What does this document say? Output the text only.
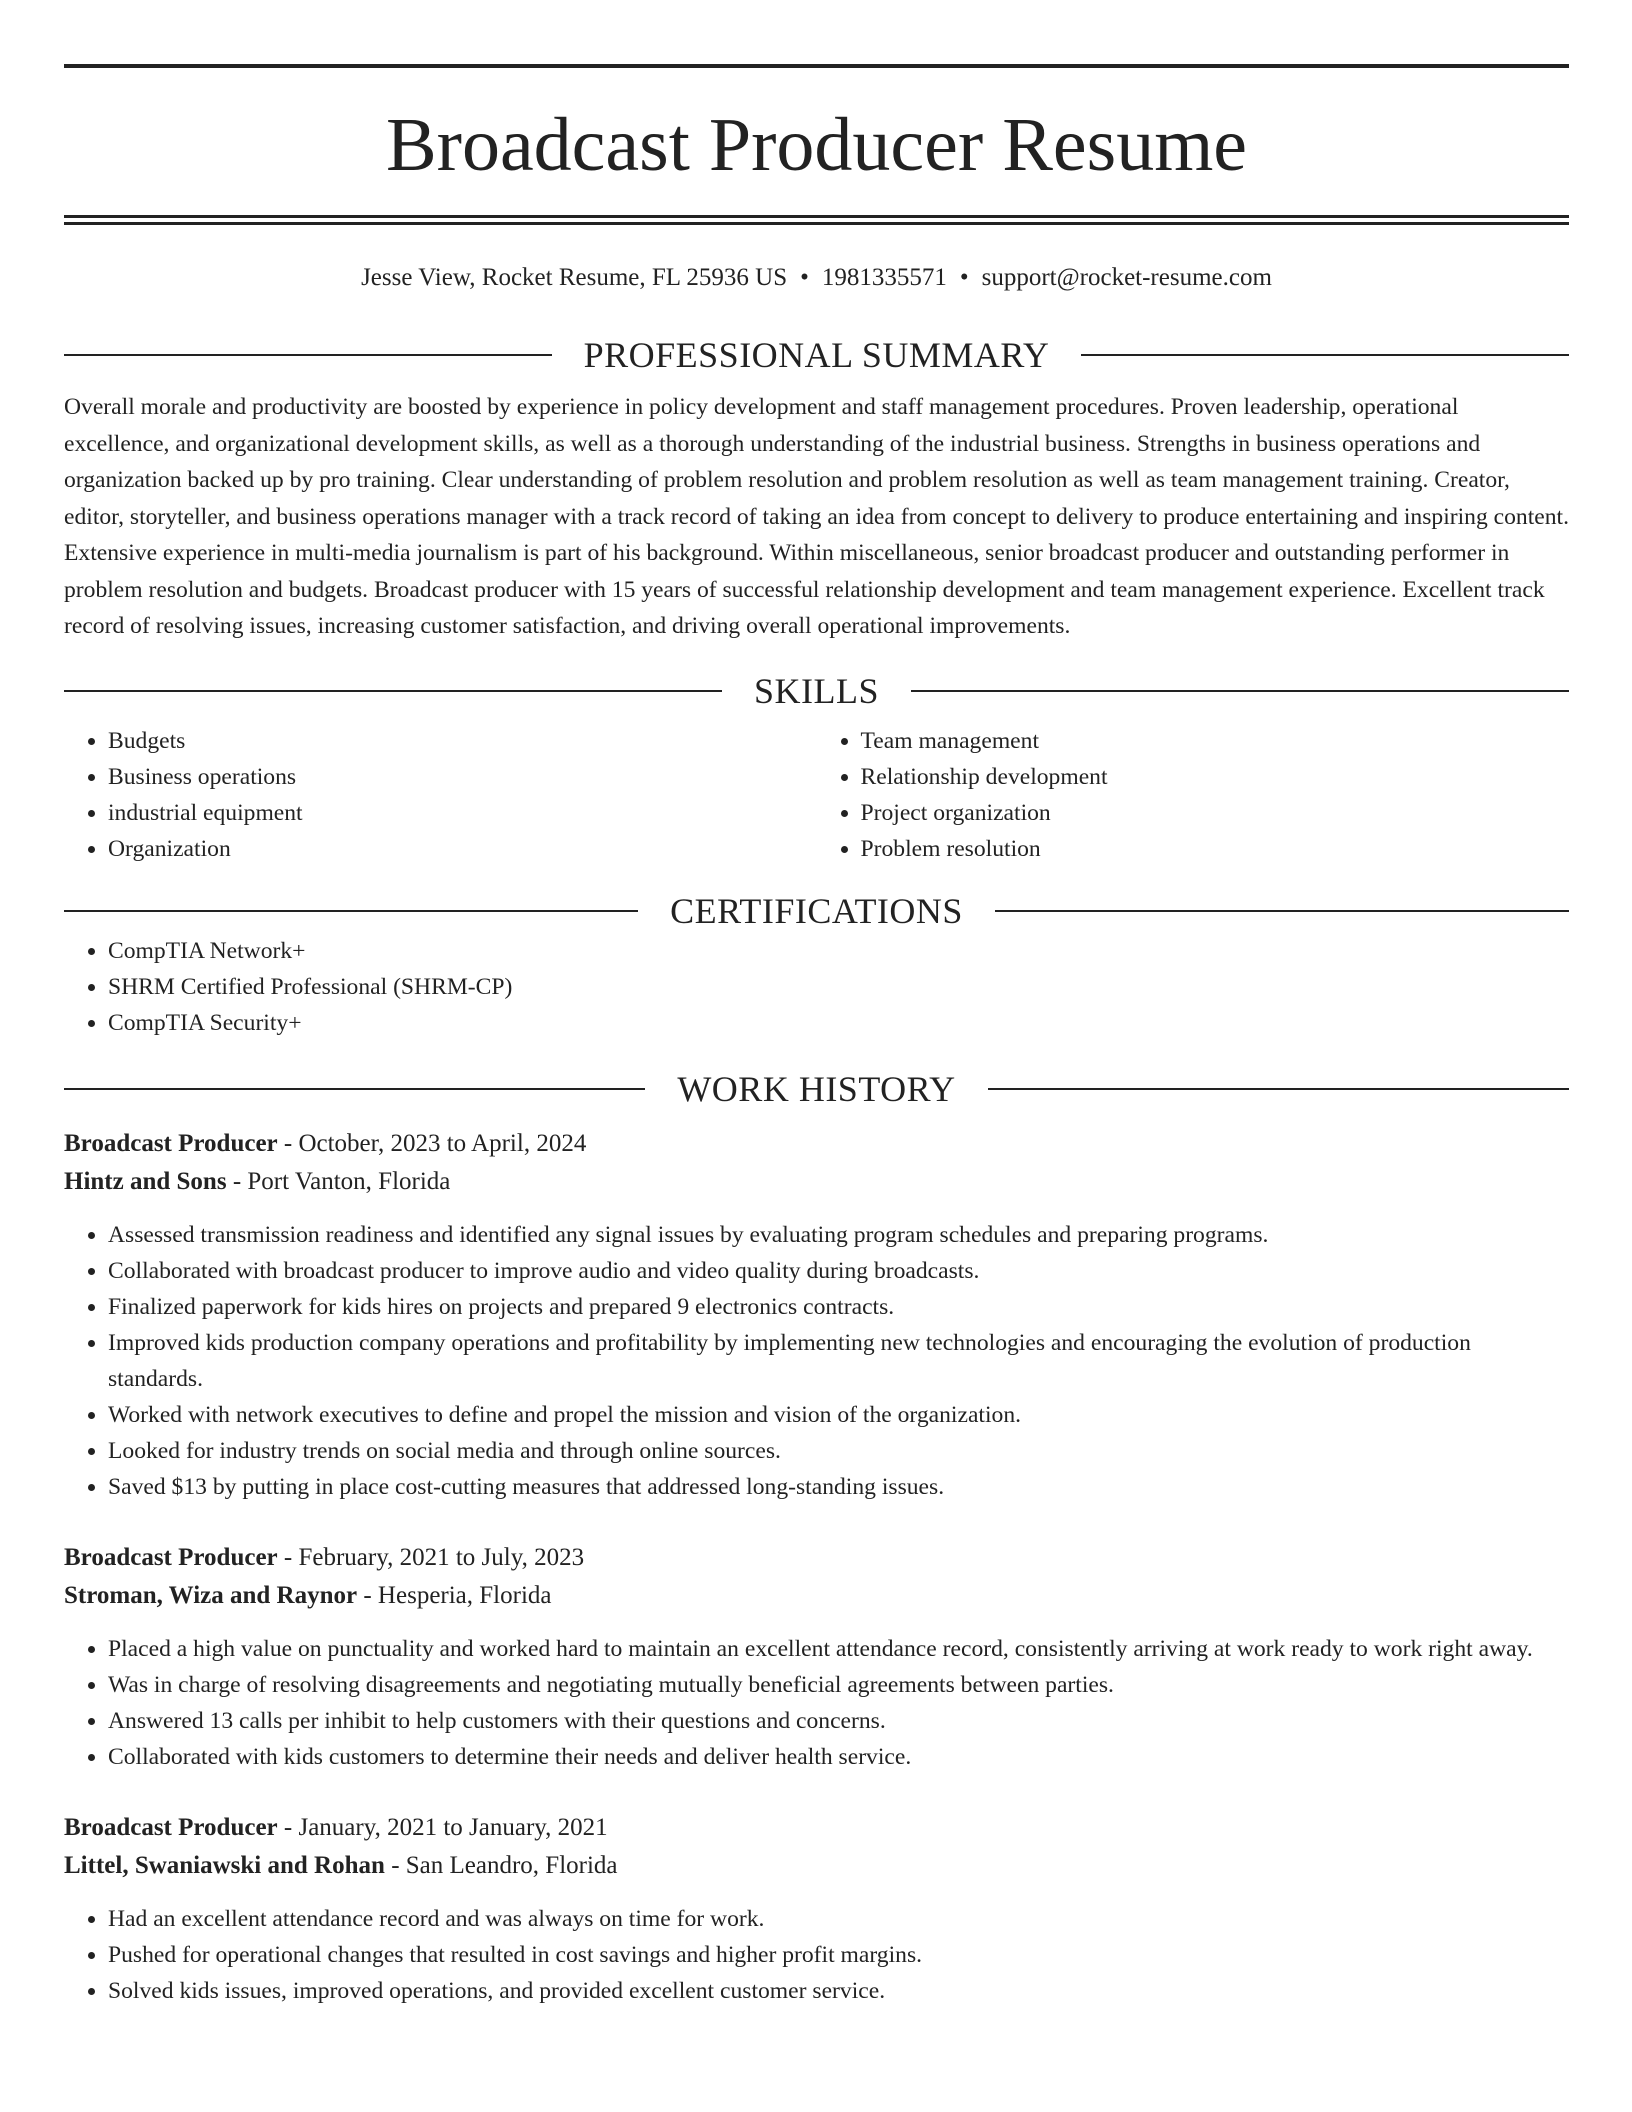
Broadcast Producer Resume
Jesse View, Rocket Resume, FL 25936 US • 1981335571 • support@rocket-resume.com
PROFESSIONAL SUMMARY
Overall morale and productivity are boosted by experience in policy development and staff management procedures. Proven leadership, operational excellence, and organizational development skills, as well as a thorough understanding of the industrial business. Strengths in business operations and organization backed up by pro training. Clear understanding of problem resolution and problem resolution as well as team management training. Creator, editor, storyteller, and business operations manager with a track record of taking an idea from concept to delivery to produce entertaining and inspiring content. Extensive experience in multi-media journalism is part of his background. Within miscellaneous, senior broadcast producer and outstanding performer in problem resolution and budgets. Broadcast producer with 15 years of successful relationship development and team management experience. Excellent track record of resolving issues, increasing customer satisfaction, and driving overall operational improvements.
SKILLS
• Budgets
• Business operations
• industrial equipment
• Organization
• Team management
• Relationship development
• Project organization
• Problem resolution
CERTIFICATIONS
• CompTIA Network+
• SHRM Certified Professional (SHRM-CP)
• CompTIA Security+
WORK HISTORY
Broadcast Producer - October, 2023 to April, 2024
Hintz and Sons - Port Vanton, Florida
• Assessed transmission readiness and identified any signal issues by evaluating program schedules and preparing programs.
• Collaborated with broadcast producer to improve audio and video quality during broadcasts.
• Finalized paperwork for kids hires on projects and prepared 9 electronics contracts.
• Improved kids production company operations and profitability by implementing new technologies and encouraging the evolution of production standards.
• Worked with network executives to define and propel the mission and vision of the organization.
• Looked for industry trends on social media and through online sources.
• Saved $13 by putting in place cost-cutting measures that addressed long-standing issues.
Broadcast Producer - February, 2021 to July, 2023
Stroman, Wiza and Raynor - Hesperia, Florida
• Placed a high value on punctuality and worked hard to maintain an excellent attendance record, consistently arriving at work ready to work right away.
• Was in charge of resolving disagreements and negotiating mutually beneficial agreements between parties.
• Answered 13 calls per inhibit to help customers with their questions and concerns.
• Collaborated with kids customers to determine their needs and deliver health service.
Broadcast Producer - January, 2021 to January, 2021
Littel, Swaniawski and Rohan - San Leandro, Florida
• Had an excellent attendance record and was always on time for work.
• Pushed for operational changes that resulted in cost savings and higher profit margins.
• Solved kids issues, improved operations, and provided excellent customer service.
